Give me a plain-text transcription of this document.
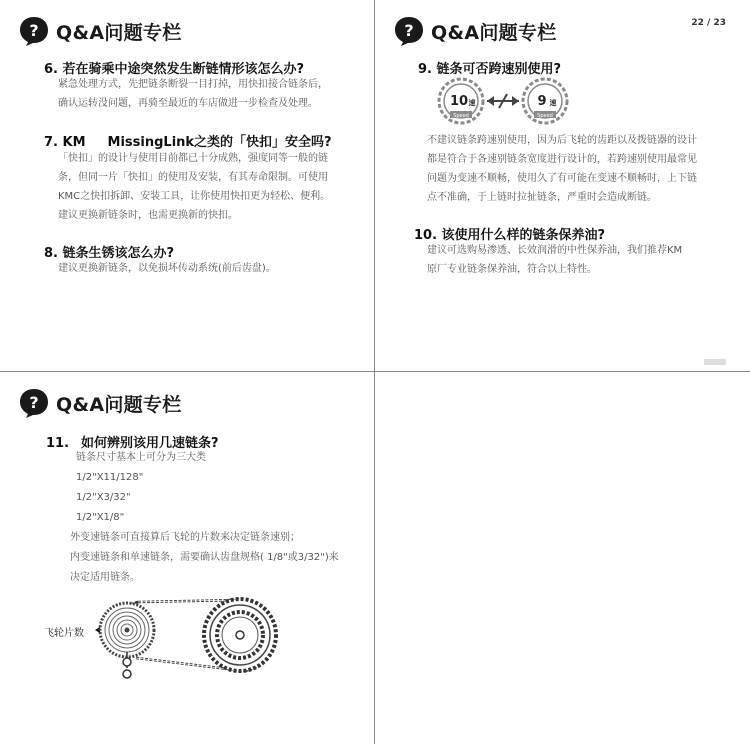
? Q&A问题专栏
6. 若在骑乘中途突然发生断链情形该怎么办?
紧急处理方式，先把链条断裂一目打掉，用快扣接合链条后，
确认运转没问题，再骑至最近的车店做进一步检查及处理。
7. KM MissingLink之类的「快扣」安全吗?
「快扣」的设计与使用目前都已十分成熟，强度同等一般的链
条，但同一片「快扣」的使用及安装，有其寿命限制。可使用
KMC之快扣拆卸、安装工具，让你使用快扣更为轻松、便利。
建议更换新链条时，也需更换新的快扣。
8. 链条生锈该怎么办?
建议更换新链条，以免损坏传动系统(前后齿盘)。
? Q&A问题专栏	22 / 23
9. 链条可否跨速别使用?
10 速
Speed
9 速
Speed
不建议链条跨速别使用，因为后飞轮的齿距以及拨链器的设计
都是符合于各速别链条宽度进行设计的，若跨速别使用最常见
问题为变速不顺畅，使用久了有可能在变速不顺畅时，上下链
点不准确，于上链时拉扯链条，严重时会造成断链。
10. 该使用什么样的链条保养油?
建议可选购易渗透、长效润滑的中性保养油，我们推荐KM
原厂专业链条保养油，符合以上特性。
? Q&A问题专栏
11. 如何辨别该用几速链条?
链条尺寸基本上可分为三大类
1/2"X11/128"
1/2"X3/32"
1/2"X1/8"
外变速链条可直接算后飞轮的片数来决定链条速别；
内变速链条和单速链条，需要确认齿盘规格( 1/8"或3/32")来
决定适用链条。
飞轮片数
